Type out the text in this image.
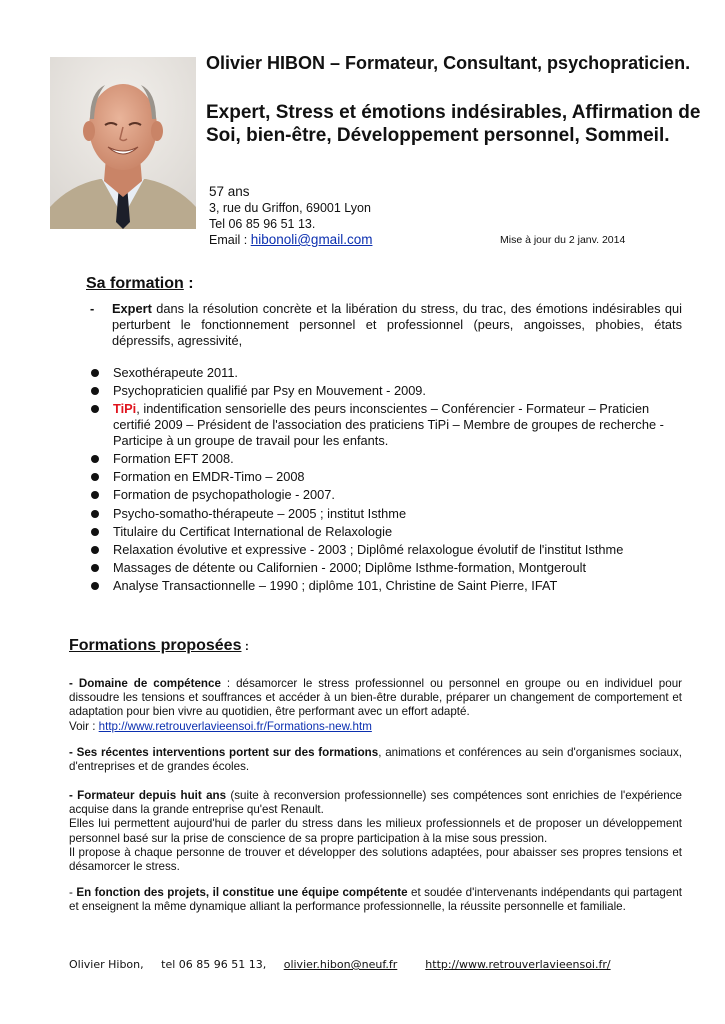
Olivier HIBON – Formateur, Consultant, psychopraticien.
Expert, Stress et émotions indésirables, Affirmation de Soi, bien-être, Développement personnel, Sommeil.
57 ans
3, rue du Griffon, 69001 Lyon
Tel 06 85 96 51 13.
Email : hibonoli@gmail.com	Mise à jour du 2 janv. 2014
Sa formation :
- Expert dans la résolution concrète et la libération du stress, du trac, des émotions indésirables qui perturbent le fonctionnement personnel et professionnel (peurs, angoisses, phobies, états dépressifs, agressivité,
Sexothérapeute 2011.
Psychopraticien qualifié par Psy en Mouvement - 2009.
TiPi, indentification sensorielle des peurs inconscientes – Conférencier - Formateur – Praticien certifié 2009 – Président de l'association des praticiens TiPi – Membre de groupes de recherche - Participe à un groupe de travail pour les enfants.
Formation EFT 2008.
Formation en EMDR-Timo – 2008
Formation de psychopathologie - 2007.
Psycho-somatho-thérapeute – 2005 ; institut Isthme
Titulaire du Certificat International de Relaxologie
Relaxation évolutive et expressive - 2003 ; Diplômé relaxologue évolutif de l'institut Isthme
Massages de détente ou Californien - 2000; Diplôme Isthme-formation, Montgeroult
Analyse Transactionnelle – 1990 ; diplôme 101, Christine de Saint Pierre, IFAT
Formations proposées :

- Domaine de compétence : désamorcer le stress professionnel ou personnel en groupe ou en individuel pour dissoudre les tensions et souffrances et accéder à un bien-être durable, préparer un changement de comportement et adaptation pour bien vivre au quotidien, être performant avec un effort adapté.
Voir : http://www.retrouverlavieensoi.fr/Formations-new.htm

- Ses récentes interventions portent sur des formations, animations et conférences au sein d'organismes sociaux, d'entreprises et de grandes écoles.

- Formateur depuis huit ans (suite à reconversion professionnelle) ses compétences sont enrichies de l'expérience acquise dans la grande entreprise qu'est Renault.
Elles lui permettent aujourd'hui de parler du stress dans les milieux professionnels et de proposer un développement personnel basé sur la prise de conscience de sa propre participation à la mise sous pression.
Il propose à chaque personne de trouver et développer des solutions adaptées, pour abaisser ses propres tensions et désamorcer le stress.

- En fonction des projets, il constitue une équipe compétente et soudée d'intervenants indépendants qui partagent et enseignent la même dynamique alliant la performance professionnelle, la réussite personnelle et familiale.

Olivier Hibon, tel 06 85 96 51 13, olivier.hibon@neuf.fr	http://www.retrouverlavieensoi.fr/
